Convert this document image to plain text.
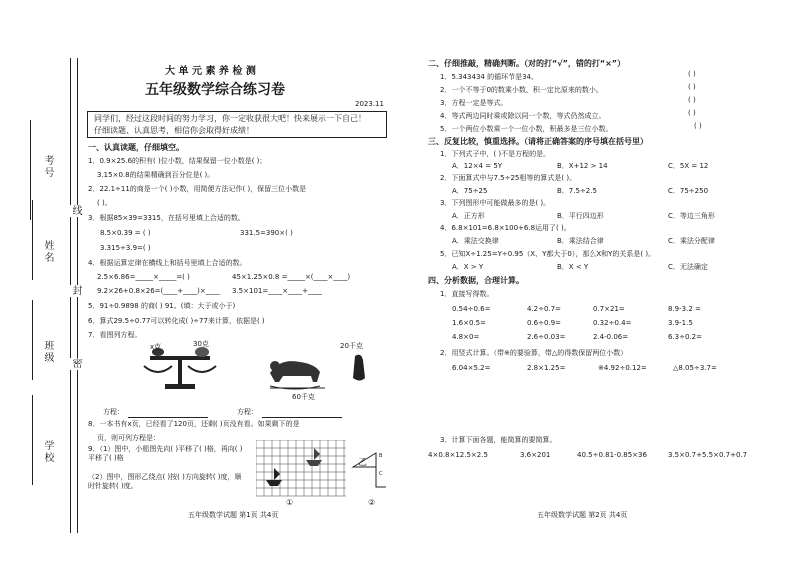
考号
线
姓名
封
班级 密
学校
大 单 元 素 养 检 测
五年级数学综合练习卷
2023.11
同学们，经过这段时间的努力学习，你一定收获很大吧！快来展示一下自己！
仔细读题、认真思考，相信你会取得好成绩！
一、认真读题，仔细填空。
1．0.9×25.6的积有( )位小数，结果保留一位小数是( )；
3.15×0.8的结果精确到百分位是( )。
2．22.1÷11的商是一个( )小数，用简便方法记作( )，保留三位小数是
( )。
3．根据85×39=3315，在括号里填上合适的数。
8.5×0.39 = ( )	331.5=390×( )
3.315÷3.9=( )
4．根据运算定律在横线上和括号里填上合适的数。
2.5×6.86=_____×_____=( )	45×1.25×0.8 =_____×(____×____)
9.2×26+0.8×26=(____+____)×____ 3.5×101=____×____+____
5．91÷0.9898 的商( ) 91。(填：大于或小于)
6．算式29.5÷0.77可以转化成( )÷77来计算，依据是( )
7．看图列方程。
x克	30克	20千克
60千克
方程：	方程：
8．一本书有x页，已经看了120页，还剩( )页没有看。如果剩下的是
页，则可列方程是：
9．（1）图中，小船图先向( )平移了( )格，再向( )平移了( )格
（2）图中，图形乙绕点( )按( )方向旋转( )度，顺时针旋转( )度。
①
乙
B
C
②
五年级数学试题 第1页 共4页
二、仔细推敲，精确判断。（对的打“√”，错的打“×”）
1．5.343434 的循环节是34。	( )
2．一个不等于0的数乘小数，积一定比原来的数小。	( )
3．方程一定是等式。	( )
4．等式两边同时乘或除以同一个数，等式仍然成立。	( )
5．一个两位小数乘一个一位小数，积最多是三位小数。	( )
三、反复比较，慎重选择。（请将正确答案的序号填在括号里）
1．下列式子中，( )不是方程的是。
A．12×4 = 5Y	B．X+12 > 14	C．5X = 12
2．下面算式中与7.5÷25相等的算式是( )。
A．75÷25	B．7.5÷2.5	C．75÷250
3．下列图形中可能做最多的是( )。
A．正方形	B．平行四边形	C．等边三角形
4．6.8×101=6.8×100+6.8运用了( )。
A．乘法交换律	B．乘法结合律	C．乘法分配律
5．已知X÷1.25=Y÷0.95（X、Y都大于0），那么X和Y的关系是( )。
A．X > Y	B．X < Y	C．无法确定
四、分析数据，合理计算。
1．直接写得数。
0.54÷0.6=	4.2÷0.7=	0.7×21=	8.9-3.2 =
1.6×0.5=	0.6÷0.9=	0.32÷0.4=	3.9-1.5
4.8×0=	2.6÷0.03=	2.4-0.06=	6.3÷0.2=
2．用竖式计算。（带※的要验算，带△的得数保留两位小数）
6.04×5.2=	2.8×1.25=	※4.92÷0.12=	△8.05÷3.7=
3．计算下面各题，能简算的要简算。
4×0.8×12.5×2.5	3.6×201	40.5÷0.81-0.85×36	3.5×0.7+5.5×0.7+0.7
五年级数学试题 第2页 共4页
